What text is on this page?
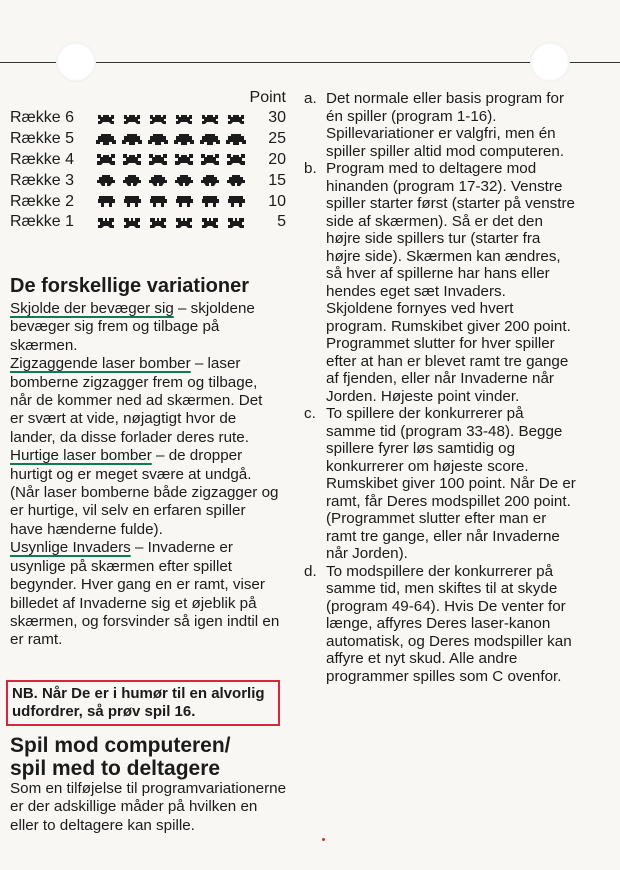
Point
Række 6	30
Række 5	25
Række 4	20
Række 3	15
Række 2	10
Række 1	5
De forskellige variationer

Skjolde der bevæger sig – skjoldene bevæger sig frem og tilbage på skærmen.

Zigzaggende laser bomber – laser bomberne zigzagger frem og tilbage, når de kommer ned ad skærmen. Det er svært at vide, nøjagtigt hvor de lander, da disse forlader deres rute.

Hurtige laser bomber – de dropper hurtigt og er meget svære at undgå. (Når laser bomberne både zigzagger og er hurtige, vil selv en erfaren spiller have hænderne fulde).

Usynlige Invaders – Invaderne er usynlige på skærmen efter spillet begynder. Hver gang en er ramt, viser billedet af Invaderne sig et øjeblik på skærmen, og forsvinder så igen indtil en er ramt.

NB. Når De er i humør til en alvorlig udfordrer, så prøv spil 16.
Spil mod computeren/
spil med to deltagere

Som en tilføjelse til programvariationerne er der adskillige måder på hvilken en eller to deltagere kan spille.

a. Det normale eller basis program for én spiller (program 1-16). Spillevariationer er valgfri, men én spiller spiller altid mod computeren.
b. Program med to deltagere mod hinanden (program 17-32). Venstre spiller starter først (starter på venstre side af skærmen). Så er det den højre side spillers tur (starter fra højre side). Skærmen kan ændres, så hver af spillerne har hans eller hendes eget sæt Invaders. Skjoldene fornyes ved hvert program. Rumskibet giver 200 point. Programmet slutter for hver spiller efter at han er blevet ramt tre gange af fjenden, eller når Invaderne når Jorden. Højeste point vinder.
c. To spillere der konkurrerer på samme tid (program 33-48). Begge spillere fyrer løs samtidig og konkurrerer om højeste score. Rumskibet giver 100 point. Når De er ramt, får Deres modspillet 200 point. (Programmet slutter efter man er ramt tre gange, eller når Invaderne når Jorden).
d. To modspillere der konkurrerer på samme tid, men skiftes til at skyde (program 49-64). Hvis De venter for længe, affyres Deres laser-kanon automatisk, og Deres modspiller kan affyre et nyt skud. Alle andre programmer spilles som C ovenfor.
